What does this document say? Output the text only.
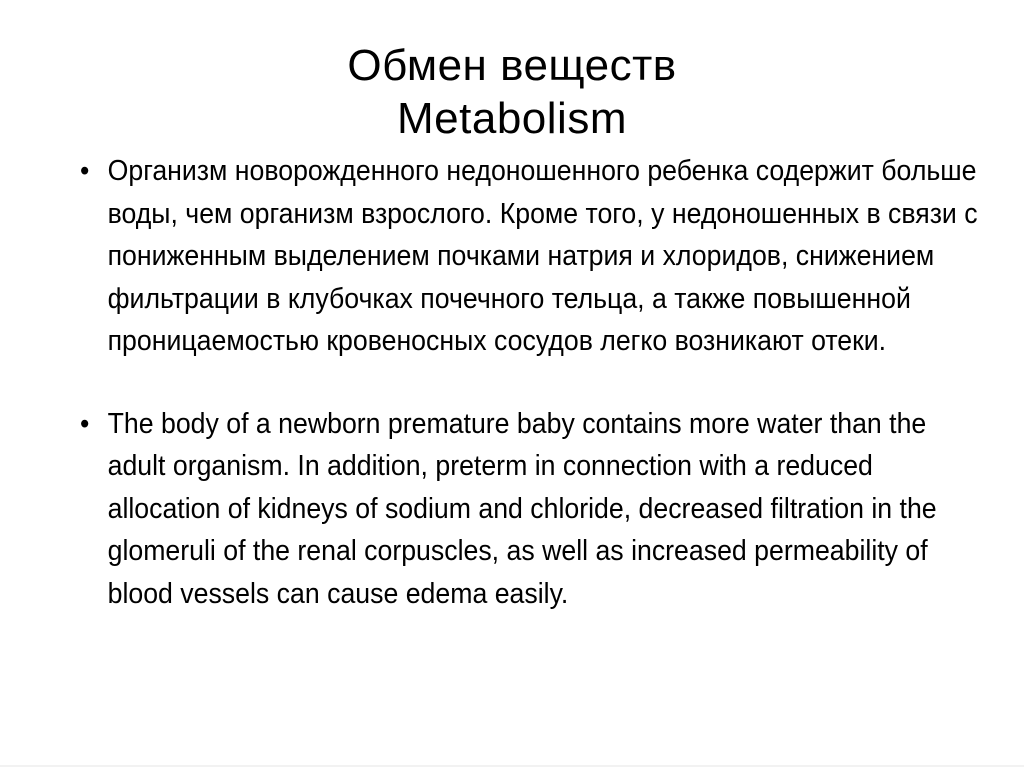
Обмен веществ
Metabolism
• Организм новорожденного недоношенного ребенка содержит больше воды, чем организм взрослого. Кроме того, у недоношенных в связи с пониженным выделением почками натрия и хлоридов, снижением фильтрации в клубочках почечного тельца, а также повышенной проницаемостью кровеносных сосудов легко возникают отеки.
• The body of a newborn premature baby contains more water than the adult organism. In addition, preterm in connection with a reduced allocation of kidneys of sodium and chloride, decreased filtration in the glomeruli of the renal corpuscles, as well as increased permeability of blood vessels can cause edema easily.
